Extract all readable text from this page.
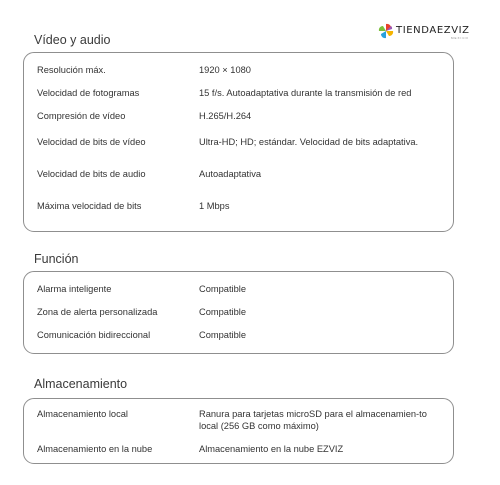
TIENDAEZVIZ
MEXICO
Vídeo y audio
Resolución máx.	1920 × 1080
Velocidad de fotogramas	15 f/s. Autoadaptativa durante la transmisión de red
Compresión de vídeo	H.265/H.264
Velocidad de bits de vídeo	Ultra-HD; HD; estándar. Velocidad de bits adaptativa.
Velocidad de bits de audio	Autoadaptativa
Máxima velocidad de bits	1 Mbps
Función
Alarma inteligente	Compatible
Zona de alerta personalizada	Compatible
Comunicación bidireccional	Compatible
Almacenamiento
Almacenamiento local	Ranura para tarjetas microSD para el almacenamien-to local (256 GB como máximo)
Almacenamiento en la nube	Almacenamiento en la nube EZVIZ
